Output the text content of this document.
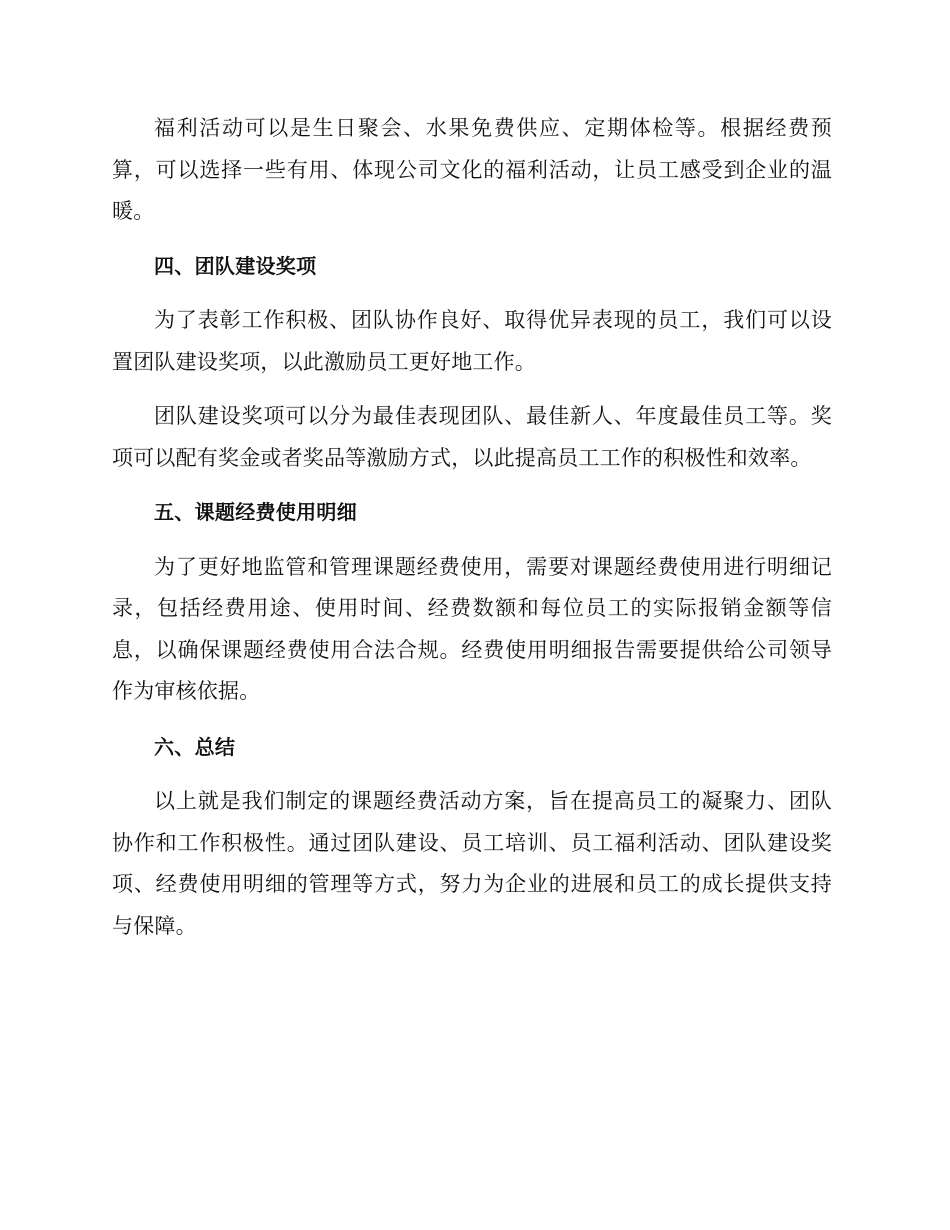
福利活动可以是生日聚会、水果免费供应、定期体检等。根据经费预算，可以选择一些有用、体现公司文化的福利活动，让员工感受到企业的温暖。

四、团队建设奖项

为了表彰工作积极、团队协作良好、取得优异表现的员工，我们可以设置团队建设奖项，以此激励员工更好地工作。

团队建设奖项可以分为最佳表现团队、最佳新人、年度最佳员工等。奖项可以配有奖金或者奖品等激励方式，以此提高员工工作的积极性和效率。

五、课题经费使用明细

为了更好地监管和管理课题经费使用，需要对课题经费使用进行明细记录，包括经费用途、使用时间、经费数额和每位员工的实际报销金额等信息，以确保课题经费使用合法合规。经费使用明细报告需要提供给公司领导作为审核依据。

六、总结

以上就是我们制定的课题经费活动方案，旨在提高员工的凝聚力、团队协作和工作积极性。通过团队建设、员工培训、员工福利活动、团队建设奖项、经费使用明细的管理等方式，努力为企业的进展和员工的成长提供支持与保障。
